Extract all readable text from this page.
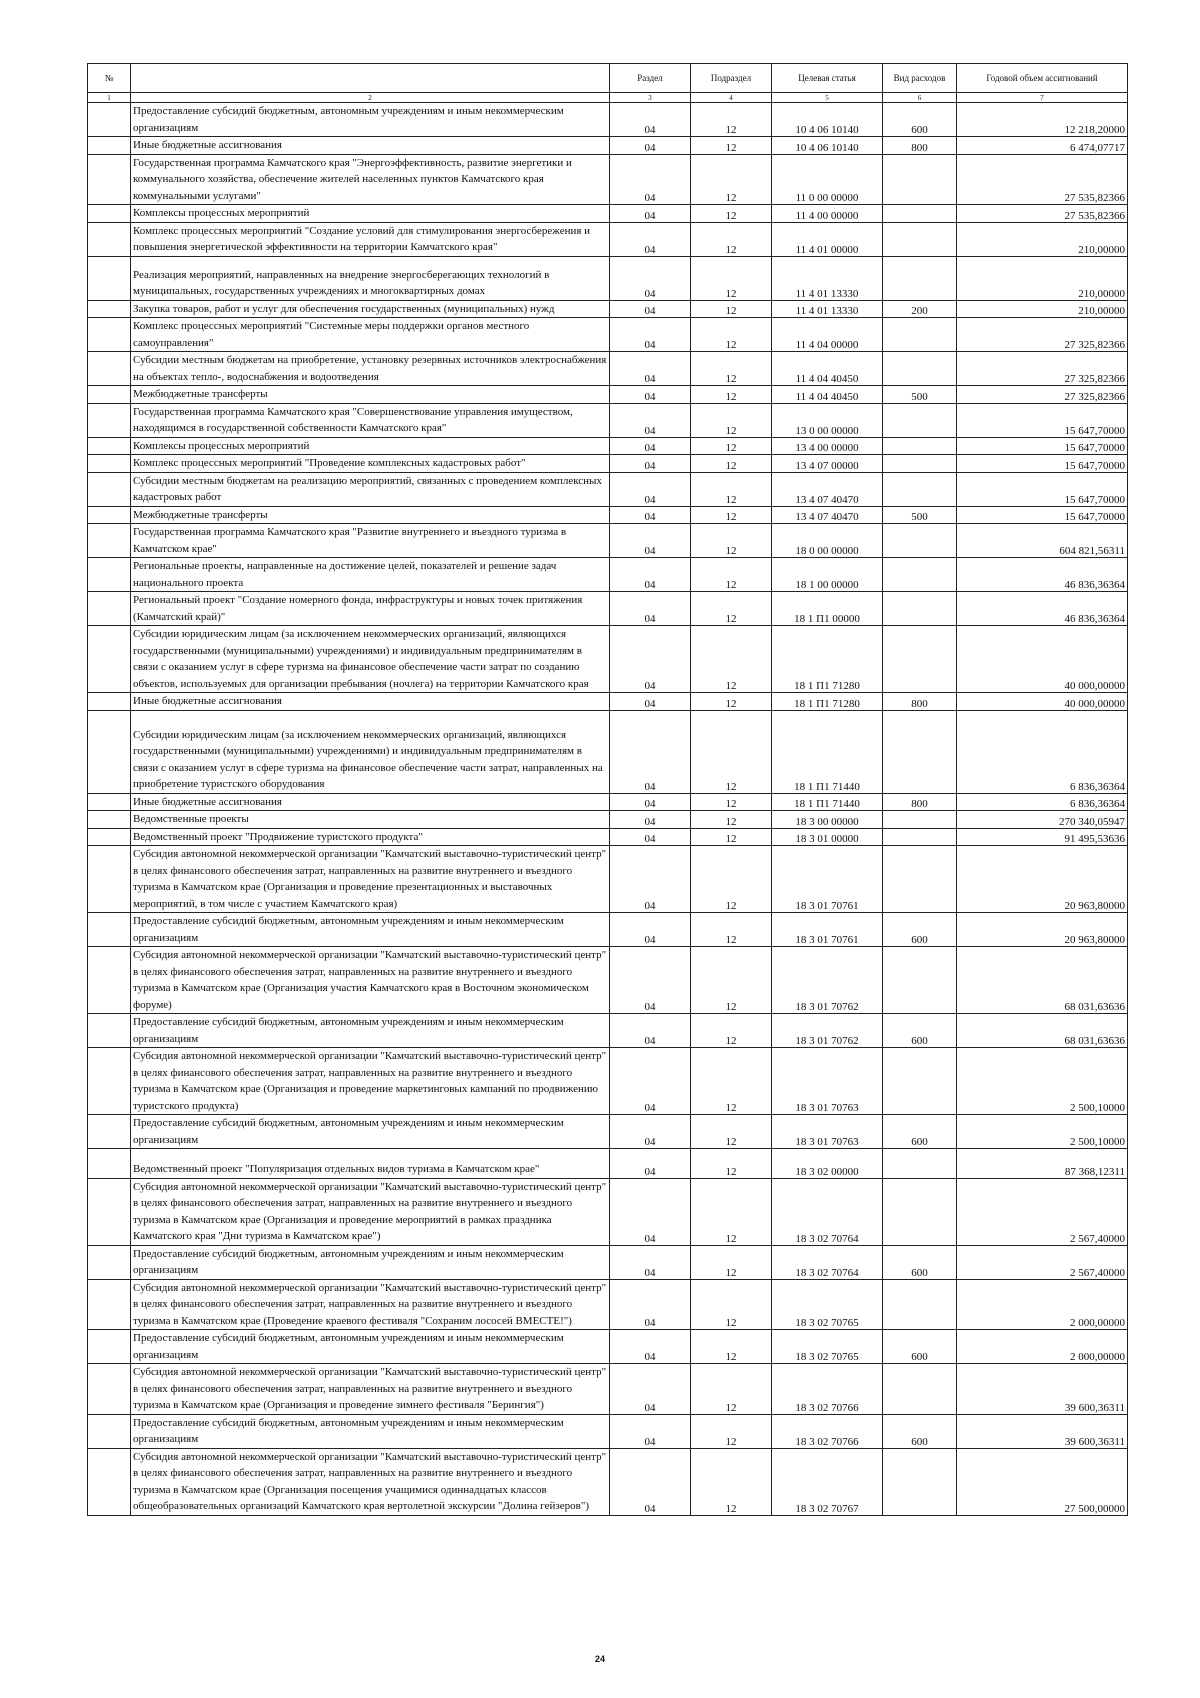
№		Раздел	Подраздел	Целевая статья	Вид расходов	Годовой объем ассигнований
1	2	3	4	5	6	7
	Предоставление субсидий бюджетным, автономным учреждениям и иным некоммерческим организациям	04	12	10 4 06 10140	600	12 218,20000
	Иные бюджетные ассигнования	04	12	10 4 06 10140	800	6 474,07717
	Государственная программа Камчатского края "Энергоэффективность, развитие энергетики и коммунального хозяйства, обеспечение жителей населенных пунктов Камчатского края коммунальными услугами"	04	12	11 0 00 00000		27 535,82366
	Комплексы процессных мероприятий	04	12	11 4 00 00000		27 535,82366
	Комплекс процессных мероприятий "Создание условий для стимулирования энергосбережения и повышения энергетической эффективности на территории Камчатского края"	04	12	11 4 01 00000		210,00000
	Реализация мероприятий, направленных на внедрение энергосберегающих технологий в муниципальных, государственных учреждениях и многоквартирных домах	04	12	11 4 01 13330		210,00000
	Закупка товаров, работ и услуг для обеспечения государственных (муниципальных) нужд	04	12	11 4 01 13330	200	210,00000
	Комплекс процессных мероприятий "Системные меры поддержки органов местного самоуправления"	04	12	11 4 04 00000		27 325,82366
	Субсидии местным бюджетам на приобретение, установку резервных источников электроснабжения на объектах тепло-, водоснабжения и водоотведения	04	12	11 4 04 40450		27 325,82366
	Межбюджетные трансферты	04	12	11 4 04 40450	500	27 325,82366
	Государственная программа Камчатского края "Совершенствование управления имуществом, находящимся в государственной собственности Камчатского края"	04	12	13 0 00 00000		15 647,70000
	Комплексы процессных мероприятий	04	12	13 4 00 00000		15 647,70000
	Комплекс процессных мероприятий "Проведение комплексных кадастровых работ"	04	12	13 4 07 00000		15 647,70000
	Субсидии местным бюджетам на реализацию мероприятий, связанных с проведением комплексных кадастровых работ	04	12	13 4 07 40470		15 647,70000
	Межбюджетные трансферты	04	12	13 4 07 40470	500	15 647,70000
	Государственная программа Камчатского края "Развитие внутреннего и въездного туризма в Камчатском крае"	04	12	18 0 00 00000		604 821,56311
	Региональные проекты, направленные на достижение целей, показателей и решение задач национального проекта	04	12	18 1 00 00000		46 836,36364
	Региональный проект "Создание номерного фонда, инфраструктуры и новых точек притяжения (Камчатский край)"	04	12	18 1 П1 00000		46 836,36364
	Субсидии юридическим лицам (за исключением некоммерческих организаций, являющихся государственными (муниципальными) учреждениями) и индивидуальным предпринимателям в связи с оказанием услуг в сфере туризма на финансовое обеспечение части затрат по созданию объектов, используемых для организации пребывания (ночлега) на территории Камчатского края	04	12	18 1 П1 71280		40 000,00000
	Иные бюджетные ассигнования	04	12	18 1 П1 71280	800	40 000,00000
	Субсидии юридическим лицам (за исключением некоммерческих организаций, являющихся государственными (муниципальными) учреждениями) и индивидуальным предпринимателям в связи с оказанием услуг в сфере туризма на финансовое обеспечение части затрат, направленных на приобретение туристского оборудования	04	12	18 1 П1 71440		6 836,36364
	Иные бюджетные ассигнования	04	12	18 1 П1 71440	800	6 836,36364
	Ведомственные проекты	04	12	18 3 00 00000		270 340,05947
	Ведомственный проект "Продвижение туристского продукта"	04	12	18 3 01 00000		91 495,53636
	Субсидия автономной некоммерческой организации "Камчатский выставочно-туристический центр" в целях финансового обеспечения затрат, направленных на развитие внутреннего и въездного туризма в Камчатском крае (Организация и проведение презентационных и выставочных мероприятий, в том числе с участием Камчатского края)	04	12	18 3 01 70761		20 963,80000
	Предоставление субсидий бюджетным, автономным учреждениям и иным некоммерческим организациям	04	12	18 3 01 70761	600	20 963,80000
	Субсидия автономной некоммерческой организации "Камчатский выставочно-туристический центр" в целях финансового обеспечения затрат, направленных на развитие внутреннего и въездного туризма в Камчатском крае (Организация участия Камчатского края в Восточном экономическом форуме)	04	12	18 3 01 70762		68 031,63636
	Предоставление субсидий бюджетным, автономным учреждениям и иным некоммерческим организациям	04	12	18 3 01 70762	600	68 031,63636
	Субсидия автономной некоммерческой организации "Камчатский выставочно-туристический центр" в целях финансового обеспечения затрат, направленных на развитие внутреннего и въездного туризма в Камчатском крае (Организация и проведение маркетинговых кампаний по продвижению туристского продукта)	04	12	18 3 01 70763		2 500,10000
	Предоставление субсидий бюджетным, автономным учреждениям и иным некоммерческим организациям	04	12	18 3 01 70763	600	2 500,10000
	Ведомственный проект "Популяризация отдельных видов туризма в Камчатском крае"	04	12	18 3 02 00000		87 368,12311
	Субсидия автономной некоммерческой организации "Камчатский выставочно-туристический центр" в целях финансового обеспечения затрат, направленных на развитие внутреннего и въездного туризма в Камчатском крае (Организация и проведение мероприятий в рамках праздника Камчатского края "Дни туризма в Камчатском крае")	04	12	18 3 02 70764		2 567,40000
	Предоставление субсидий бюджетным, автономным учреждениям и иным некоммерческим организациям	04	12	18 3 02 70764	600	2 567,40000
	Субсидия автономной некоммерческой организации "Камчатский выставочно-туристический центр" в целях финансового обеспечения затрат, направленных на развитие внутреннего и въездного туризма в Камчатском крае (Проведение краевого фестиваля "Сохраним лососей ВМЕСТЕ!")	04	12	18 3 02 70765		2 000,00000
	Предоставление субсидий бюджетным, автономным учреждениям и иным некоммерческим организациям	04	12	18 3 02 70765	600	2 000,00000
	Субсидия автономной некоммерческой организации "Камчатский выставочно-туристический центр" в целях финансового обеспечения затрат, направленных на развитие внутреннего и въездного туризма в Камчатском крае (Организация и проведение зимнего фестиваля "Берингия")	04	12	18 3 02 70766		39 600,36311
	Предоставление субсидий бюджетным, автономным учреждениям и иным некоммерческим организациям	04	12	18 3 02 70766	600	39 600,36311
	Субсидия автономной некоммерческой организации "Камчатский выставочно-туристический центр" в целях финансового обеспечения затрат, направленных на развитие внутреннего и въездного туризма в Камчатском крае (Организация посещения учащимися одиннадцатых классов общеобразовательных организаций Камчатского края вертолетной экскурсии "Долина гейзеров")	04	12	18 3 02 70767		27 500,00000
24
